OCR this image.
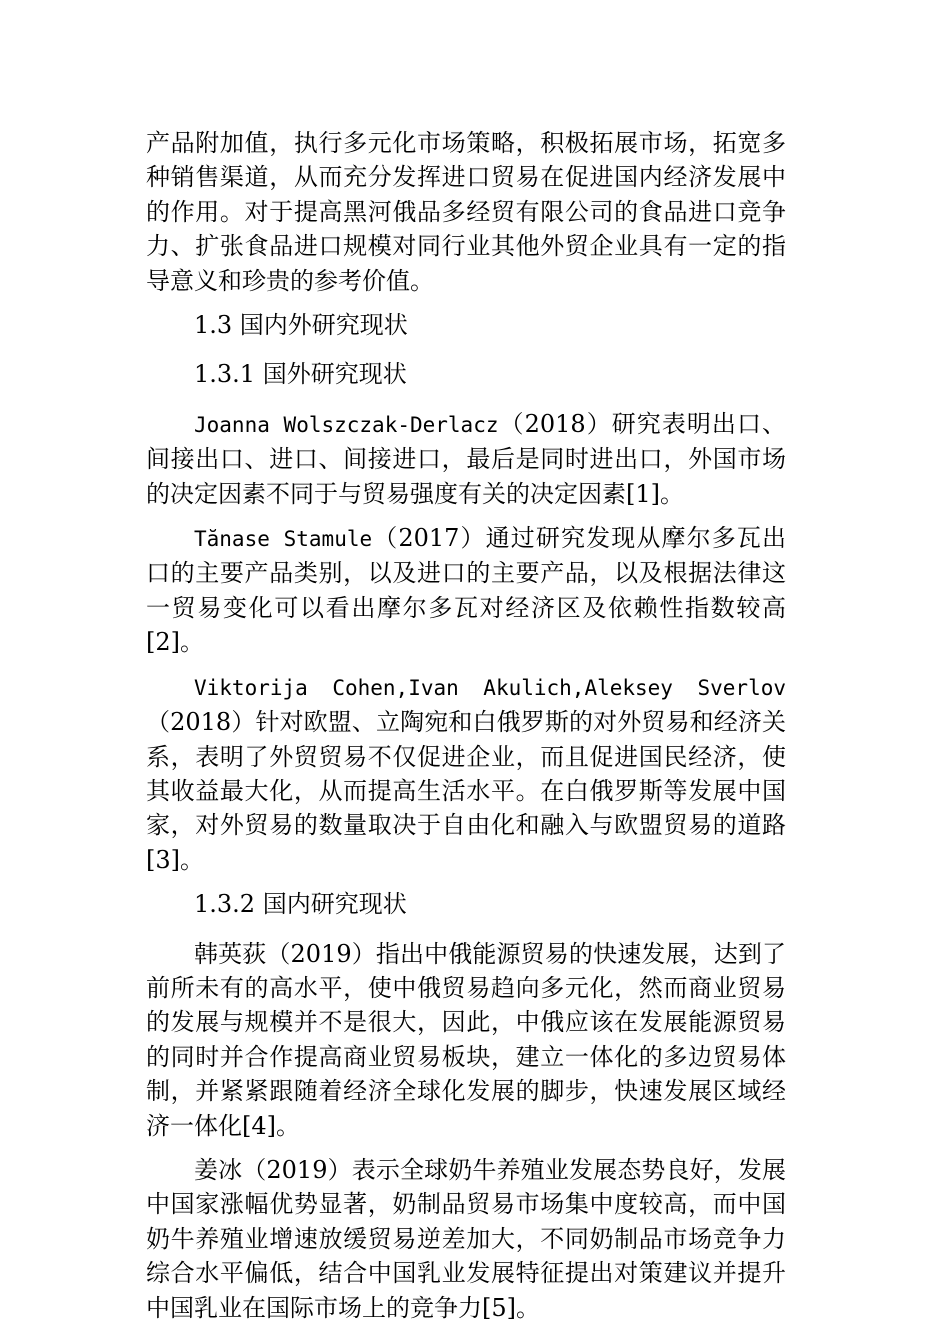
产品附加值，执行多元化市场策略，积极拓展市场，拓宽多种销售渠道，从而充分发挥进口贸易在促进国内经济发展中的作用。对于提高黑河俄品多经贸有限公司的食品进口竞争力、扩张食品进口规模对同行业其他外贸企业具有一定的指导意义和珍贵的参考价值。

1.3 国内外研究现状

1.3.1 国外研究现状

Joanna Wolszczak-Derlacz（2018）研究表明出口、间接出口、进口、间接进口，最后是同时进出口，外国市场的决定因素不同于与贸易强度有关的决定因素[1]。

Tănase Stamule（2017）通过研究发现从摩尔多瓦出口的主要产品类别，以及进口的主要产品，以及根据法律这一贸易变化可以看出摩尔多瓦对经济区及依赖性指数较高[2]。

Viktorija Cohen,Ivan Akulich,Aleksey Sverlov（2018）针对欧盟、立陶宛和白俄罗斯的对外贸易和经济关系，表明了外贸贸易不仅促进企业，而且促进国民经济，使其收益最大化，从而提高生活水平。在白俄罗斯等发展中国家，对外贸易的数量取决于自由化和融入与欧盟贸易的道路[3]。

1.3.2 国内研究现状

韩英荻（2019）指出中俄能源贸易的快速发展，达到了前所未有的高水平，使中俄贸易趋向多元化，然而商业贸易的发展与规模并不是很大，因此，中俄应该在发展能源贸易的同时并合作提高商业贸易板块，建立一体化的多边贸易体制，并紧紧跟随着经济全球化发展的脚步，快速发展区域经济一体化[4]。

姜冰（2019）表示全球奶牛养殖业发展态势良好，发展中国家涨幅优势显著，奶制品贸易市场集中度较高，而中国奶牛养殖业增速放缓贸易逆差加大，不同奶制品市场竞争力综合水平偏低，结合中国乳业发展特征提出对策建议并提升中国乳业在国际市场上的竞争力[5]。
